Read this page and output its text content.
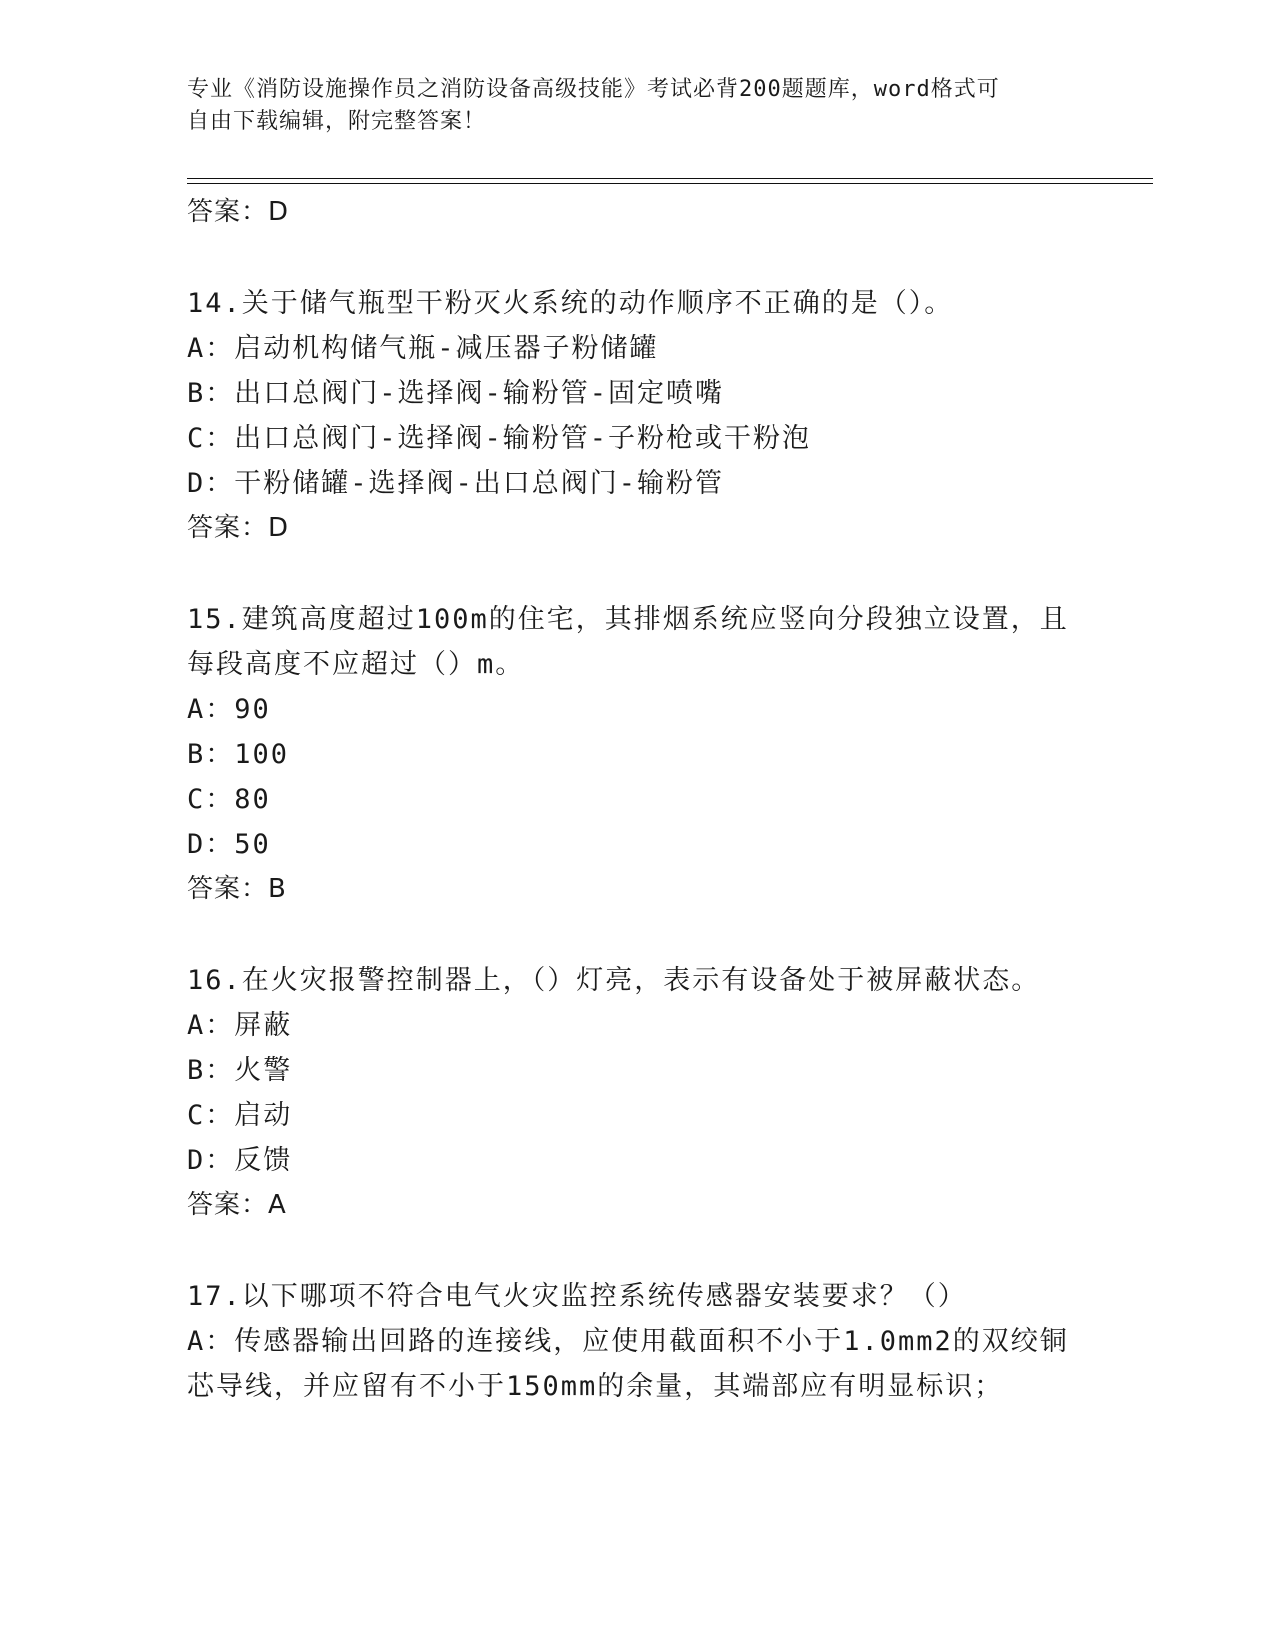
专业《消防设施操作员之消防设备高级技能》考试必背200题题库，word格式可
自由下载编辑，附完整答案！
答案：D
14.关于储气瓶型干粉灭火系统的动作顺序不正确的是（）。
A：启动机构储气瓶-减压器子粉储罐
B：出口总阀门-选择阀-输粉管-固定喷嘴
C：出口总阀门-选择阀-输粉管-子粉枪或干粉泡
D：干粉储罐-选择阀-出口总阀门-输粉管
答案：D
15.建筑高度超过100m的住宅，其排烟系统应竖向分段独立设置，且
每段高度不应超过（）m。
A：90
B：100
C：80
D：50
答案：B
16.在火灾报警控制器上，（）灯亮，表示有设备处于被屏蔽状态。
A：屏蔽
B：火警
C：启动
D：反馈
答案：A
17.以下哪项不符合电气火灾监控系统传感器安装要求？（）
A：传感器输出回路的连接线，应使用截面积不小于1.0mm2的双绞铜
芯导线，并应留有不小于150mm的余量，其端部应有明显标识；
